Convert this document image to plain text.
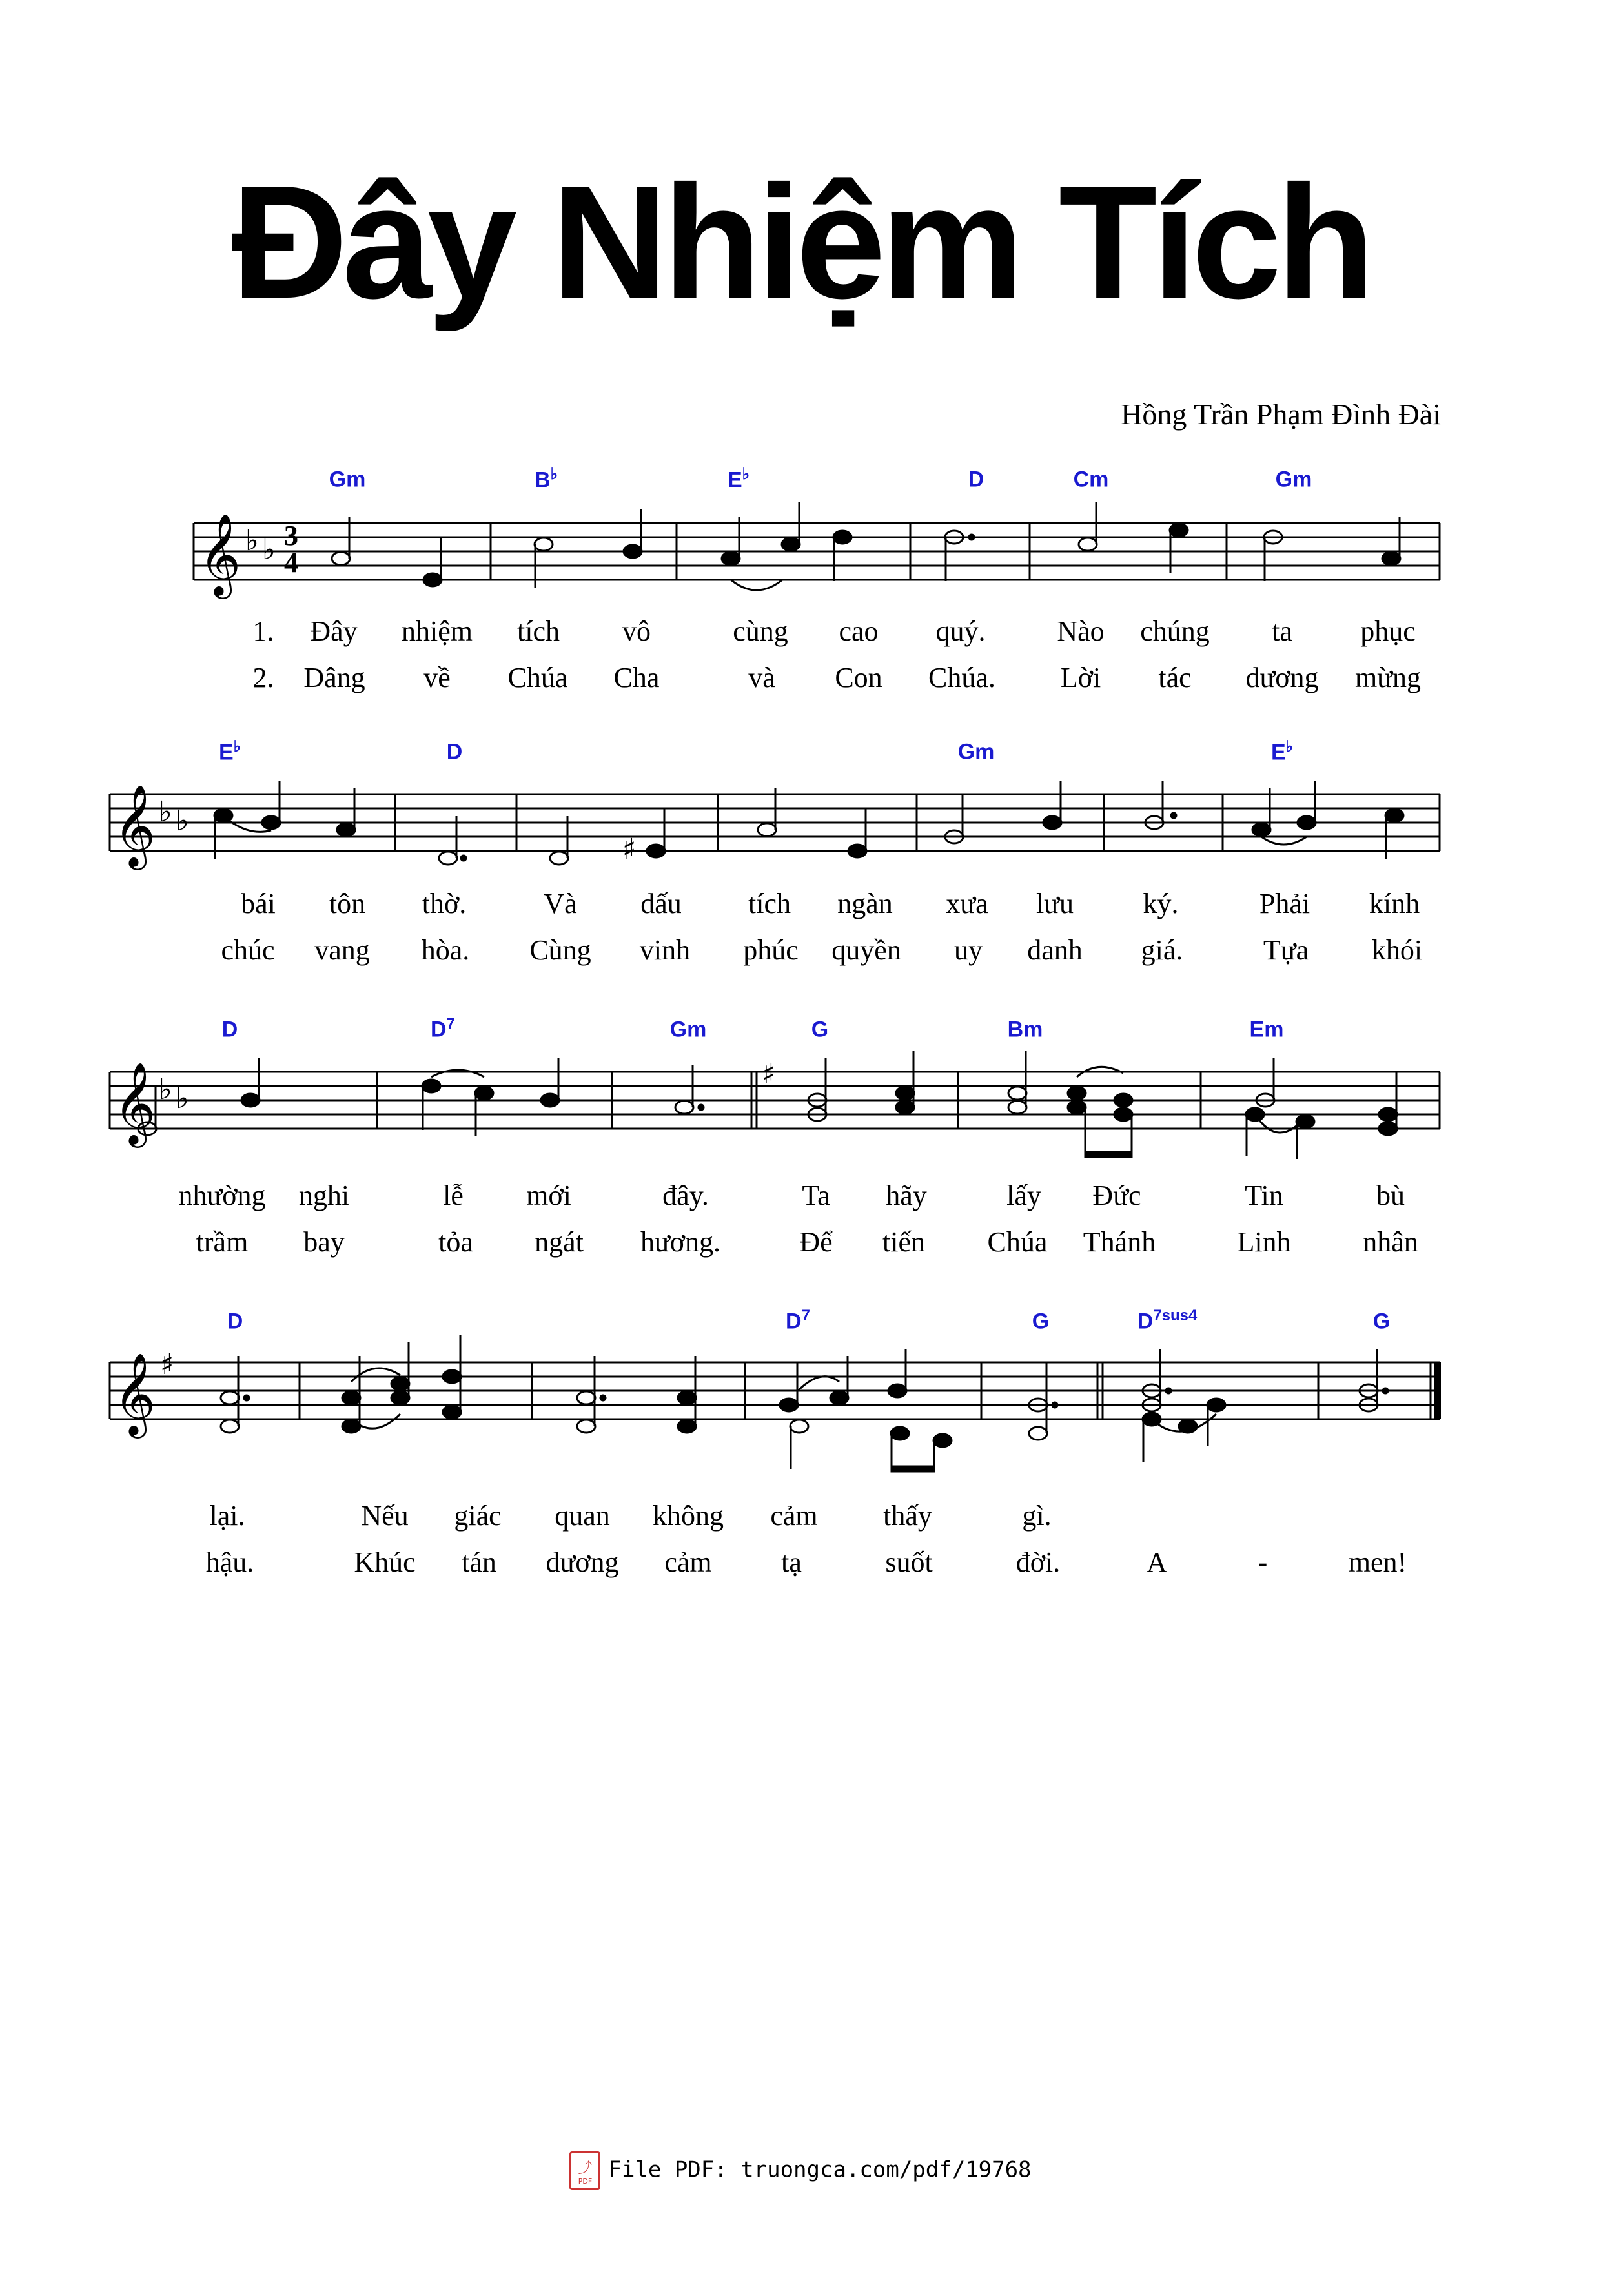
Đây Nhiệm Tích
Hồng Trần Phạm Đình Đài
Gm	B♭	E♭	D	Cm	Gm
𝄞 ♭ ♭ 3
4
1. Đây nhiệm tích vô	cùng cao quý.	Nào chúng ta phục
2. Dâng về Chúa Cha	và Con Chúa. Lời tác dương mừng
E♭	D	Gm	E♭
𝄞 ♭ ♭
♯
bái tôn thờ.	Và dấu tích ngàn xưa lưu ký.	Phải kính
chúc vang hòa. Cùng vinh phúc quyền uy danh giá.	Tựa khói
D	$D^7$	Gm	G	Bm	Em
𝄞 ♭ ♭
♯
nhường nghi	lễ mới	đây.	Ta hãy	lấy Đức	Tin	bù
trầm bay	tỏa ngát hương.	Để tiến Chúa Thánh	Linh	nhân
D	$D^7$	G	$D^{7sus4}$	G
𝄞 ♯
lại.	Nếu giác quan không cảm thấy	gì.
hậu.	Khúc tán dương cảm tạ	suốt	đời.	A	-	men!
⤴
PDF File PDF: truongca.com/pdf/19768
